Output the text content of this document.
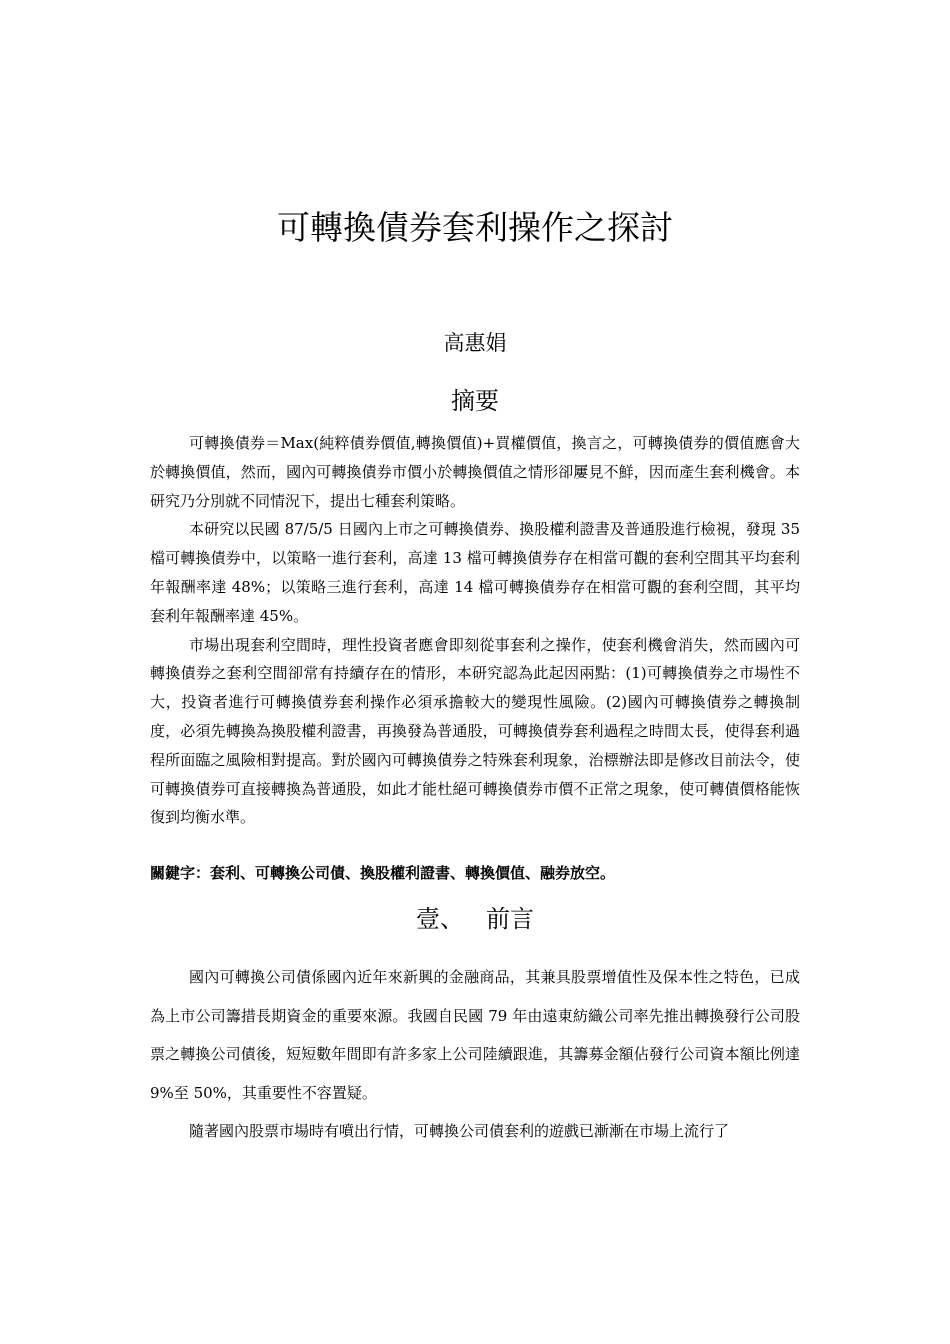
可轉換債券套利操作之探討
高惠娟
摘要

可轉換債券＝Max(純粹債券價值,轉換價值)+買權價值，換言之，可轉換債券的價值應會大於轉換價值，然而，國內可轉換債券市價小於轉換價值之情形卻屢見不鮮，因而產生套利機會。本研究乃分別就不同情況下，提出七種套利策略。

本研究以民國 87/5/5 日國內上市之可轉換債券、換股權利證書及普通股進行檢視，發現 35 檔可轉換債券中，以策略一進行套利，高達 13 檔可轉換債券存在相當可觀的套利空間其平均套利年報酬率達 48%；以策略三進行套利，高達 14 檔可轉換債券存在相當可觀的套利空間，其平均套利年報酬率達 45%。

市場出現套利空間時，理性投資者應會即刻從事套利之操作，使套利機會消失，然而國內可轉換債券之套利空間卻常有持續存在的情形，本研究認為此起因兩點：(1)可轉換債券之市場性不大，投資者進行可轉換債券套利操作必須承擔較大的變現性風險。(2)國內可轉換債券之轉換制度，必須先轉換為換股權利證書，再換發為普通股，可轉換債券套利過程之時間太長，使得套利過程所面臨之風險相對提高。對於國內可轉換債券之特殊套利現象，治標辦法即是修改目前法令，使可轉換債券可直接轉換為普通股，如此才能杜絕可轉換債券市價不正常之現象，使可轉債價格能恢復到均衡水準。

關鍵字：套利、可轉換公司債、換股權利證書、轉換價值、融券放空。
壹、 前言

國內可轉換公司債係國內近年來新興的金融商品，其兼具股票增值性及保本性之特色，已成為上市公司籌措長期資金的重要來源。我國自民國 79 年由遠東紡織公司率先推出轉換發行公司股票之轉換公司債後，短短數年間即有許多家上公司陸續跟進，其籌募金額佔發行公司資本額比例達 9%至 50%，其重要性不容置疑。

隨著國內股票市場時有噴出行情，可轉換公司債套利的遊戲已漸漸在市場上流行了
